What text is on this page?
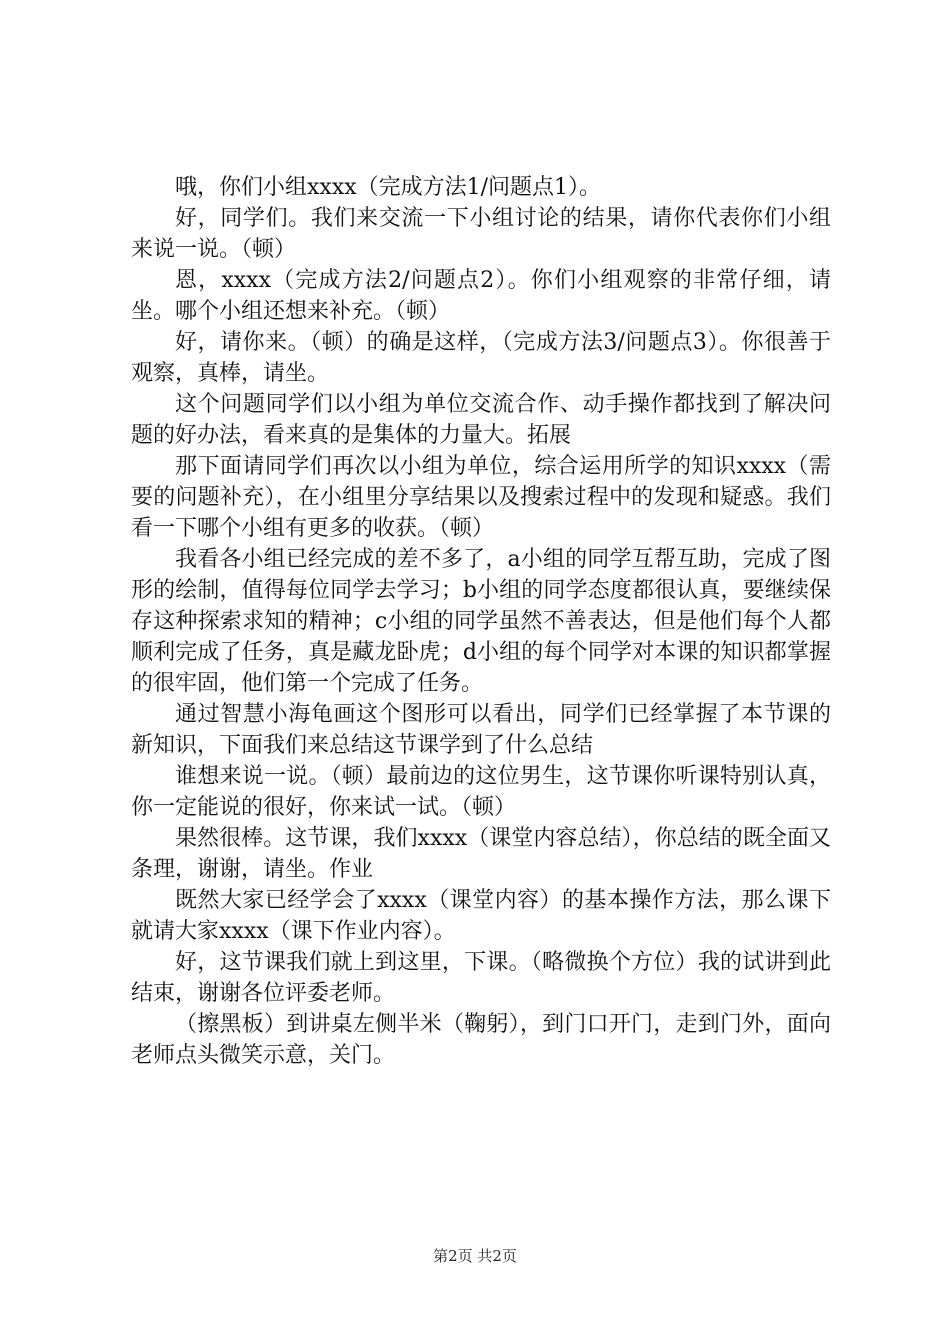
哦，你们小组xxxx（完成方法1/问题点1）。

好，同学们。我们来交流一下小组讨论的结果，请你代表你们小组来说一说。（顿）

恩，xxxx（完成方法2/问题点2）。你们小组观察的非常仔细，请坐。哪个小组还想来补充。（顿）

好，请你来。（顿）的确是这样，（完成方法3/问题点3）。你很善于观察，真棒，请坐。

这个问题同学们以小组为单位交流合作、动手操作都找到了解决问题的好办法，看来真的是集体的力量大。拓展

那下面请同学们再次以小组为单位，综合运用所学的知识xxxx（需要的问题补充），在小组里分享结果以及搜索过程中的发现和疑惑。我们看一下哪个小组有更多的收获。（顿）

我看各小组已经完成的差不多了，a小组的同学互帮互助，完成了图形的绘制，值得每位同学去学习；b小组的同学态度都很认真，要继续保存这种探索求知的精神；c小组的同学虽然不善表达，但是他们每个人都顺利完成了任务，真是藏龙卧虎；d小组的每个同学对本课的知识都掌握的很牢固，他们第一个完成了任务。

通过智慧小海龟画这个图形可以看出，同学们已经掌握了本节课的新知识，下面我们来总结这节课学到了什么总结

谁想来说一说。（顿）最前边的这位男生，这节课你听课特别认真，你一定能说的很好，你来试一试。（顿）

果然很棒。这节课，我们xxxx（课堂内容总结），你总结的既全面又条理，谢谢，请坐。作业

既然大家已经学会了xxxx（课堂内容）的基本操作方法，那么课下就请大家xxxx（课下作业内容）。

好，这节课我们就上到这里，下课。（略微换个方位）我的试讲到此结束，谢谢各位评委老师。

（擦黑板）到讲桌左侧半米（鞠躬），到门口开门，走到门外，面向老师点头微笑示意，关门。

第2页 共2页
